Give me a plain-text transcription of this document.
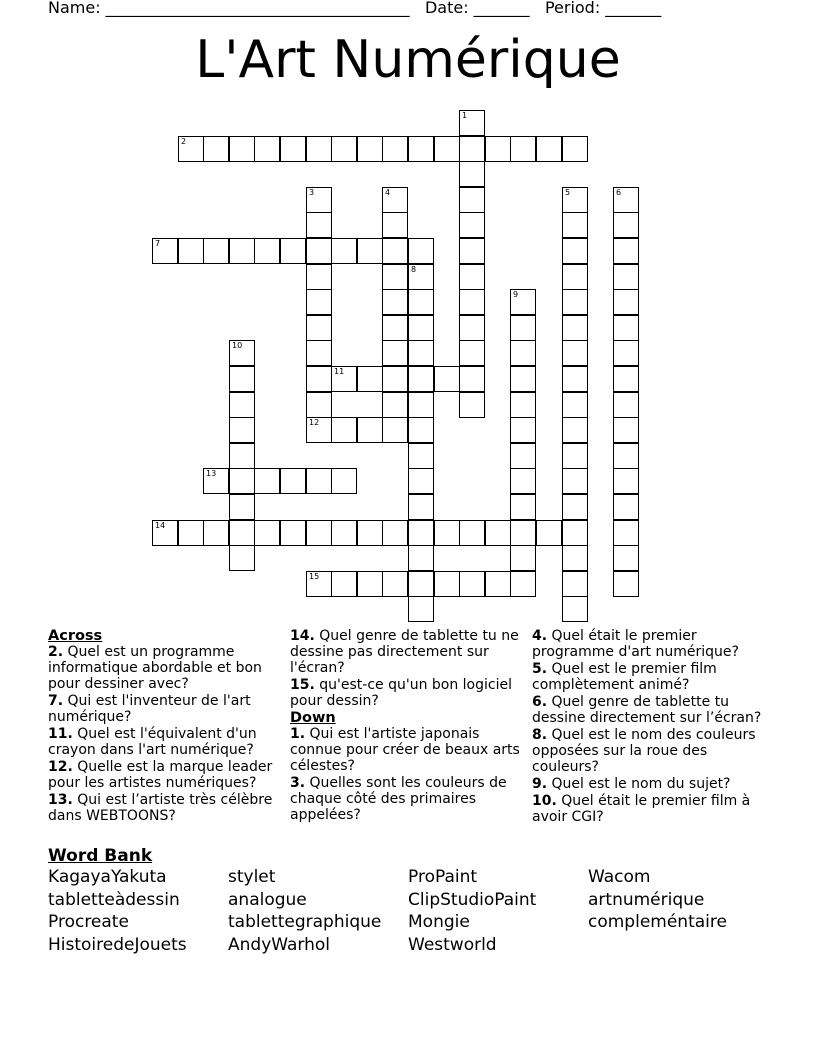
Name: ______________________________________ Date: _______ Period: _______
L'Art Numérique
1
2
3	4	5	6
7
8
9
10
11
12
13
14
15
Across
2. Quel est un programme informatique abordable et bon pour dessiner avec?
7. Qui est l'inventeur de l'art numérique?
11. Quel est l'équivalent d'un crayon dans l'art numérique?
12. Quelle est la marque leader pour les artistes numériques?
13. Qui est l’artiste très célèbre dans WEBTOONS?
14. Quel genre de tablette tu ne dessine pas directement sur l'écran?
15. qu'est-ce qu'un bon logiciel pour dessin?
Down
1. Qui est l'artiste japonais connue pour créer de beaux arts célestes?
3. Quelles sont les couleurs de chaque côté des primaires appelées?
4. Quel était le premier programme d'art numérique?
5. Quel est le premier film complètement animé?
6. Quel genre de tablette tu dessine directement sur l’écran?
8. Quel est le nom des couleurs opposées sur la roue des couleurs?
9. Quel est le nom du sujet?
10. Quel était le premier film à avoir CGI?
Word Bank
KagayaYakuta	stylet	ProPaint	Wacom
tabletteàdessin	analogue	ClipStudioPaint	artnumérique
Procreate	tablettegraphique	Mongie	compleméntaire
HistoiredeJouets	AndyWarhol	Westworld
